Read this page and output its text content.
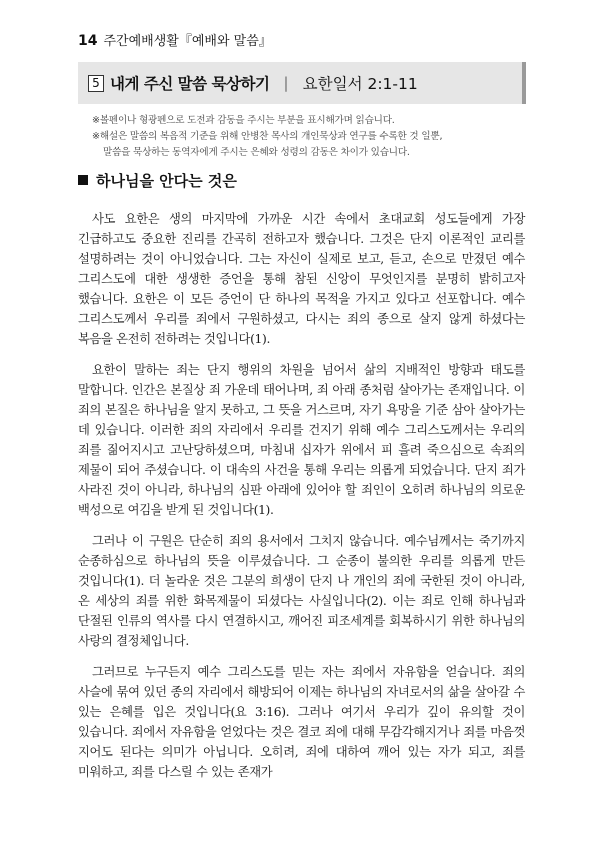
14 주간예배생활『예배와 말씀』
5 내게 주신 말씀 묵상하기 | 요한일서 2:1-11
※볼펜이나 형광펜으로 도전과 감동을 주시는 부분을 표시해가며 읽습니다.
※해설은 말씀의 복음적 기준을 위해 안병찬 목사의 개인묵상과 연구를 수록한 것 일뿐,
말씀을 묵상하는 동역자에게 주시는 은혜와 성령의 감동은 차이가 있습니다.
하나님을 안다는 것은

사도 요한은 생의 마지막에 가까운 시간 속에서 초대교회 성도들에게 가장 긴급하고도 중요한 진리를 간곡히 전하고자 했습니다. 그것은 단지 이론적인 교리를 설명하려는 것이 아니었습니다. 그는 자신이 실제로 보고, 듣고, 손으로 만졌던 예수 그리스도에 대한 생생한 증언을 통해 참된 신앙이 무엇인지를 분명히 밝히고자 했습니다. 요한은 이 모든 증언이 단 하나의 목적을 가지고 있다고 선포합니다. 예수 그리스도께서 우리를 죄에서 구원하셨고, 다시는 죄의 종으로 살지 않게 하셨다는 복음을 온전히 전하려는 것입니다(1).

요한이 말하는 죄는 단지 행위의 차원을 넘어서 삶의 지배적인 방향과 태도를 말합니다. 인간은 본질상 죄 가운데 태어나며, 죄 아래 종처럼 살아가는 존재입니다. 이 죄의 본질은 하나님을 알지 못하고, 그 뜻을 거스르며, 자기 욕망을 기준 삼아 살아가는 데 있습니다. 이러한 죄의 자리에서 우리를 건지기 위해 예수 그리스도께서는 우리의 죄를 짊어지시고 고난당하셨으며, 마침내 십자가 위에서 피 흘려 죽으심으로 속죄의 제물이 되어 주셨습니다. 이 대속의 사건을 통해 우리는 의롭게 되었습니다. 단지 죄가 사라진 것이 아니라, 하나님의 심판 아래에 있어야 할 죄인이 오히려 하나님의 의로운 백성으로 여김을 받게 된 것입니다(1).

그러나 이 구원은 단순히 죄의 용서에서 그치지 않습니다. 예수님께서는 죽기까지 순종하심으로 하나님의 뜻을 이루셨습니다. 그 순종이 불의한 우리를 의롭게 만든 것입니다(1). 더 놀라운 것은 그분의 희생이 단지 나 개인의 죄에 국한된 것이 아니라, 온 세상의 죄를 위한 화목제물이 되셨다는 사실입니다(2). 이는 죄로 인해 하나님과 단절된 인류의 역사를 다시 연결하시고, 깨어진 피조세계를 회복하시기 위한 하나님의 사랑의 결정체입니다.

그러므로 누구든지 예수 그리스도를 믿는 자는 죄에서 자유함을 얻습니다. 죄의 사슬에 묶여 있던 종의 자리에서 해방되어 이제는 하나님의 자녀로서의 삶을 살아갈 수 있는 은혜를 입은 것입니다(요 3:16). 그러나 여기서 우리가 깊이 유의할 것이 있습니다. 죄에서 자유함을 얻었다는 것은 결코 죄에 대해 무감각해지거나 죄를 마음껏 지어도 된다는 의미가 아닙니다. 오히려, 죄에 대하여 깨어 있는 자가 되고, 죄를 미워하고, 죄를 다스릴 수 있는 존재가
